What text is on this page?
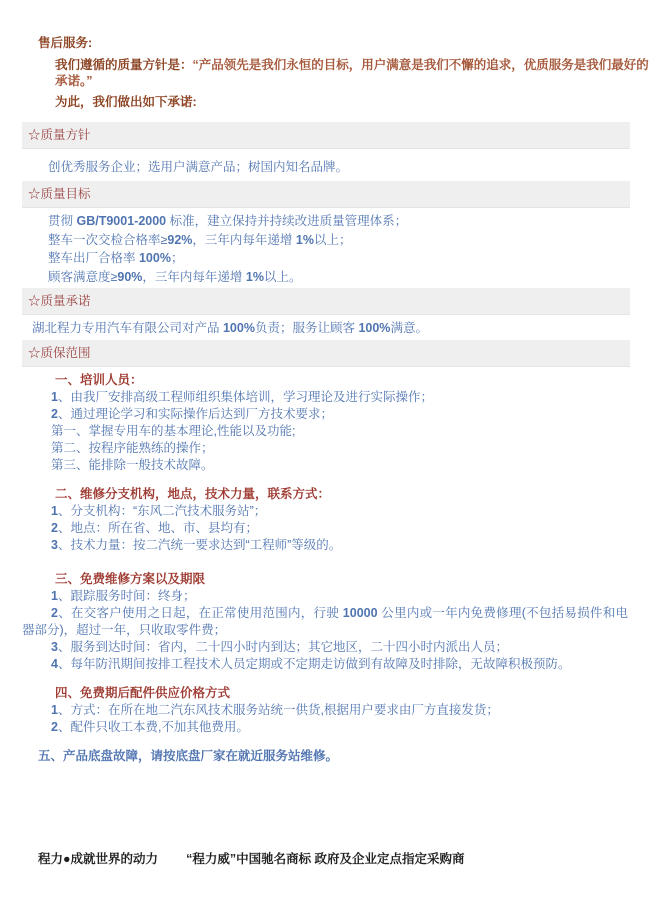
售后服务:
我们遵循的质量方针是：“产品领先是我们永恒的目标，用户满意是我们不懈的追求，优质服务是我们最好的承诺。”
为此，我们做出如下承诺:
☆质量方针

创优秀服务企业；选用户满意产品；树国内知名品牌。

☆质量目标

贯彻 GB/T9001-2000 标准，建立保持并持续改进质量管理体系；

整车一次交检合格率≥92%，三年内每年递增 1%以上；

整车出厂合格率 100%；

顾客满意度≥90%，三年内每年递增 1%以上。

☆质量承诺

湖北程力专用汽车有限公司对产品 100%负责；服务让顾客 100%满意。

☆质保范围
一、培训人员：

1、由我厂安排高级工程师组织集体培训，学习理论及进行实际操作；

2、通过理论学习和实际操作后达到厂方技术要求；

第一、掌握专用车的基本理论,性能以及功能;

第二、按程序能熟练的操作；

第三、能排除一般技术故障。

二、维修分支机构，地点，技术力量，联系方式：

1、分支机构：“东风二汽技术服务站”；

2、地点：所在省、地、市、县均有；

3、技术力量：按二汽统一要求达到“工程师”等级的。

三、免费维修方案以及期限

1、跟踪服务时间：终身；

2、在交客户使用之日起，在正常使用范围内，行驶 10000 公里内或一年内免费修理(不包括易损件和电器部分)，超过一年，只收取零件费；

3、服务到达时间：省内，二十四小时内到达；其它地区，二十四小时内派出人员；

4、每年防汛期间按排工程技术人员定期或不定期走访做到有故障及时排除，无故障积极预防。

四、免费期后配件供应价格方式

1、方式：在所在地二汽东风技术服务站统一供货,根据用户要求由厂方直接发货；

2、配件只收工本费,不加其他费用。

五、产品底盘故障，请按底盘厂家在就近服务站维修。
程力●成就世界的动力 “程力威”中国驰名商标 政府及企业定点指定采购商
